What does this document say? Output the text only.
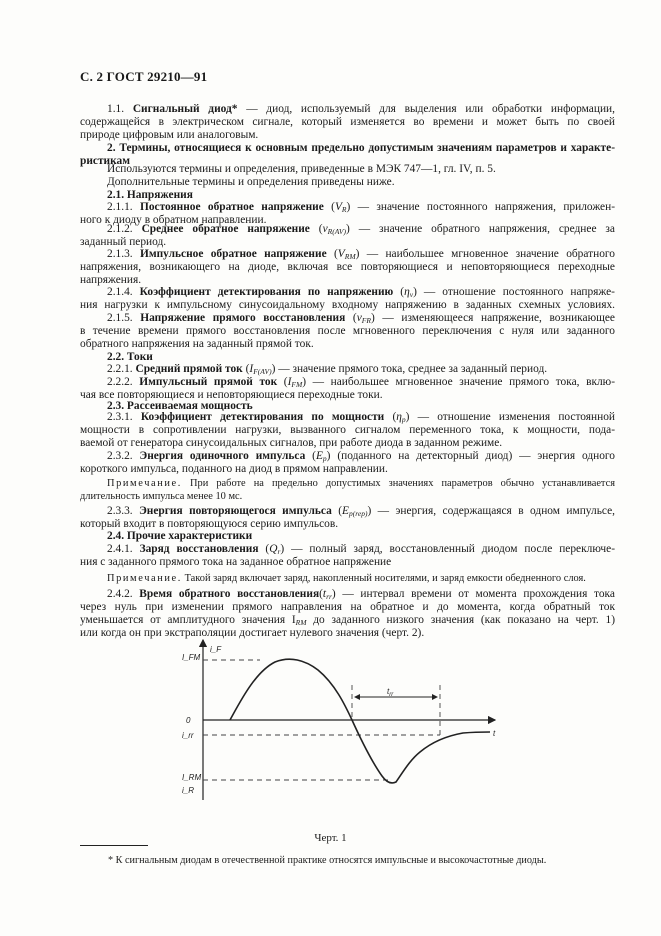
С. 2 ГОСТ 29210—91
1.1. Сигнальный диод* — диод, используемый для выделения или обработки информации,
содержащейся в электрическом сигнале, который изменяется во времени и может быть по своей
природе цифровым или аналоговым.
2. Термины, относящиеся к основным предельно допустимым значениям параметров и характе-
ристикам
Используются термины и определения, приведенные в МЭК 747—1, гл. IV, п. 5.
Дополнительные термины и определения приведены ниже.
2.1. Напряжения
2.1.1. Постоянное обратное напряжение $(V_R)$ — значение постоянного напряжения, приложен-
ного к диоду в обратном направлении.
2.1.2. Среднее обратное напряжение $(v_{R(AV)})$ — значение обратного напряжения, среднее за
заданный период.
2.1.3. Импульсное обратное напряжение $(V_{RM})$ — наибольшее мгновенное значение обратного
напряжения, возникающего на диоде, включая все повторяющиеся и неповторяющиеся переходные
напряжения.
2.1.4. Коэффициент детектирования по напряжению $(\eta_v)$ — отношение постоянного напряже-
ния нагрузки к импульсному синусоидальному входному напряжению в заданных схемных условиях.
2.1.5. Напряжение прямого восстановления $(v_{FR})$ — изменяющееся напряжение, возникающее
в течение времени прямого восстановления после мгновенного переключения с нуля или заданного
обратного напряжения на заданный прямой ток.
2.2. Токи
2.2.1. Средний прямой ток $(I_{F(AV)})$ — значение прямого тока, среднее за заданный период.
2.2.2. Импульсный прямой ток $(I_{FM})$ — наибольшее мгновенное значение прямого тока, вклю-
чая все повторяющиеся и неповторяющиеся переходные токи.
2.3. Рассеиваемая мощность
2.3.1. Коэффициент детектирования по мощности $(\eta_p)$ — отношение изменения постоянной
мощности в сопротивлении нагрузки, вызванного сигналом переменного тока, к мощности, пода-
ваемой от генератора синусоидальных сигналов, при работе диода в заданном режиме.
2.3.2. Энергия одиночного импульса $(E_p)$ (поданного на детекторный диод) — энергия одного
короткого импульса, поданного на диод в прямом направлении.
Примечание. При работе на предельно допустимых значениях параметров обычно устанавливается
длительность импульса менее 10 мс.
2.3.3. Энергия повторяющегося импульса $(E_{p(rep)})$ — энергия, содержащаяся в одном импульсе,
который входит в повторяющуюся серию импульсов.
2.4. Прочие характеристики
2.4.1. Заряд восстановления $(Q_r)$ — полный заряд, восстановленный диодом после переключе-
ния с заданного прямого тока на заданное обратное напряжение
Примечание. Такой заряд включает заряд, накопленный носителями, и заряд емкости обедненного слоя.
2.4.2. Время обратного $восстановления(t_{rr})$ — интервал времени от момента прохождения тока
через нуль при изменении прямого направления на обратное и до момента, когда обратный ток
уменьшается от амплитудного значения $I_{RM}$ до заданного низкого значения (как показано на черт. 1)
или когда он при экстраполяции достигает нулевого значения (черт. 2).
i_F
I_FM
0
i_rr
I_RM
i_R
t
$t_{rr}$
Черт. 1
* К сигнальным диодам в отечественной практике относятся импульсные и высокочастотные диоды.
